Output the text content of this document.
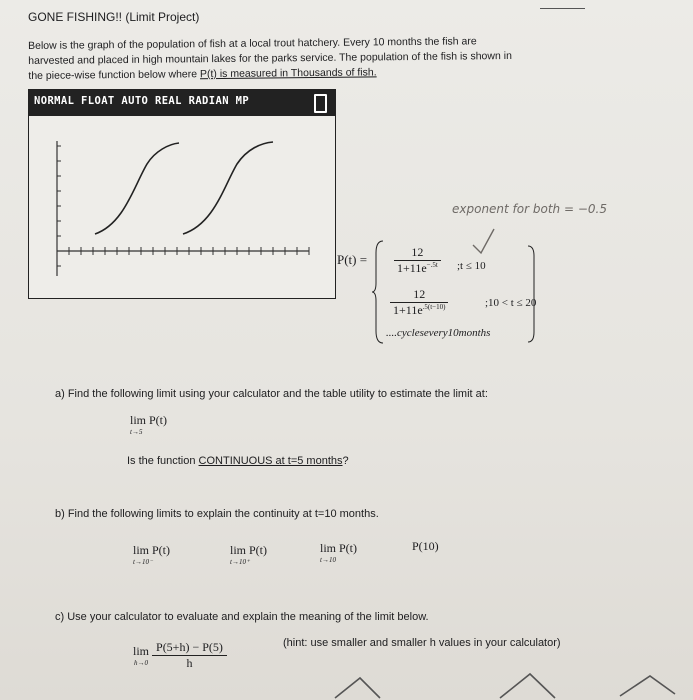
GONE FISHING!! (Limit Project)
Below is the graph of the population of fish at a local trout hatchery. Every 10 months the fish are
harvested and placed in high mountain lakes for the parks service. The population of the fish is shown in
the piece-wise function below where P(t) is measured in Thousands of fish.
NORMAL FLOAT AUTO REAL RADIAN MP
exponent for both = −0.5
$P(t) = \frac{12}{1+11e^{-.5t}}$ ;t ≤ 10
$\frac{12}{1+11e^{.5(t-10)}}$	;10 < t ≤ 20
....cyclesevery10months
a) Find the following limit using your calculator and the table utility to estimate the limit at:
lim P(t)
t→5
Is the function CONTINUOUS at t=5 months?
b) Find the following limits to explain the continuity at t=10 months.
lim P(t)
t→10⁻
lim P(t)
t→10⁺
lim P(t)
t→10
P(10)
c) Use your calculator to evaluate and explain the meaning of the limit below.
lim
h→0
$\frac{P(5+h) - P(5)}{h}$	(hint: use smaller and smaller h values in your calculator)
